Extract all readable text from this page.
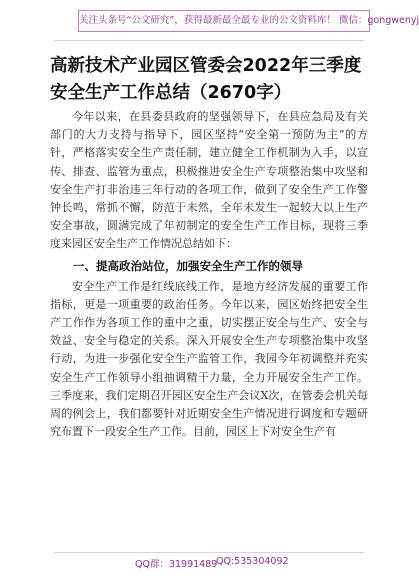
关注头条号“公文研究”，获得最新最全最专业的公文资料库！ 微信：gongwenyj
高新技术产业园区管委会2022年三季度安全生产工作总结（2670字）

今年以来，在县委县政府的坚强领导下，在县应急局及有关部门的大力支持与指导下，园区坚持“安全第一预防为主”的方针，严格落实安全生产责任制，建立健全工作机制为入手，以宣传、排查、监管为重点，积极推进安全生产专项整治集中攻坚和安全生产打非治违三年行动的各项工作，做到了安全生产工作警钟长鸣，常抓不懈，防范于未然，全年未发生一起较大以上生产安全事故，圆满完成了年初制定的安全生产工作目标，现将三季度来园区安全生产工作情况总结如下：

一、提高政治站位，加强安全生产工作的领导

安全生产工作是红线底线工作，是地方经济发展的重要工作指标，更是一项重要的政治任务。今年以来，园区始终把安全生产工作作为各项工作的重中之重，切实摆正安全与生产、安全与效益、安全与稳定的关系。深入开展安全生产专项整治集中攻坚行动，为进一步强化安全生产监管工作，我园今年初调整并充实安全生产工作领导小组抽调精干力量，全力开展安全生产工作。三季度来，我们定期召开园区安全生产会议X次，在管委会机关每周的例会上，我们都要针对近期安全生产情况进行调度和专题研究布置下一段安全生产工作。目前，园区上下对安全生产有

QQ群：31991489
QQ:535304092
